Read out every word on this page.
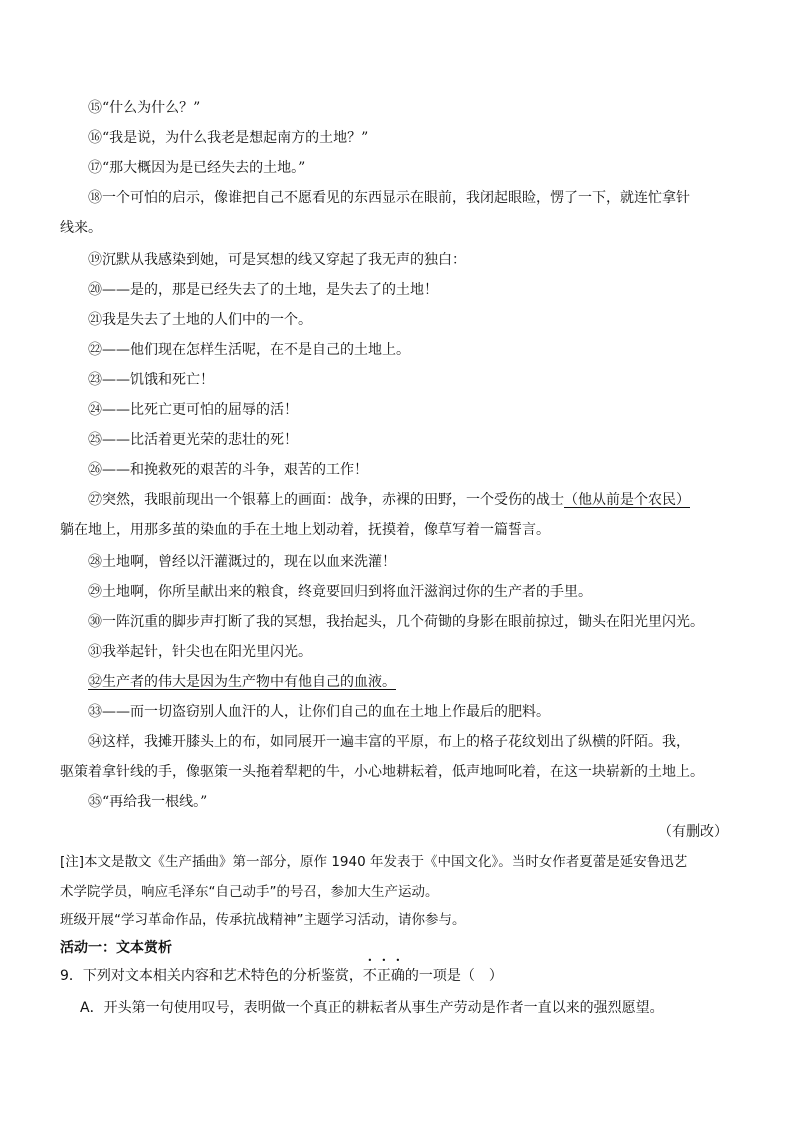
⑮“什么为什么？”
⑯“我是说，为什么我老是想起南方的土地？”
⑰“那大概因为是已经失去的土地。”
⑱一个可怕的启示，像谁把自己不愿看见的东西显示在眼前，我闭起眼睑，愣了一下，就连忙拿针
线来。
⑲沉默从我感染到她，可是冥想的线又穿起了我无声的独白：
⑳——是的，那是已经失去了的土地，是失去了的土地！
㉑我是失去了土地的人们中的一个。
㉒——他们现在怎样生活呢，在不是自己的土地上。
㉓——饥饿和死亡！
㉔——比死亡更可怕的屈辱的活！
㉕——比活着更光荣的悲壮的死！
㉖——和挽救死的艰苦的斗争，艰苦的工作！
㉗突然，我眼前现出一个银幕上的画面：战争，赤裸的田野，一个受伤的战士（他从前是个农民）
躺在地上，用那多茧的染血的手在土地上划动着，抚摸着，像草写着一篇誓言。
㉘土地啊，曾经以汗灌溉过的，现在以血来洗灌！
㉙土地啊，你所呈献出来的粮食，终竟要回归到将血汗滋润过你的生产者的手里。
㉚一阵沉重的脚步声打断了我的冥想，我抬起头，几个荷锄的身影在眼前掠过，锄头在阳光里闪光。
㉛我举起针，针尖也在阳光里闪光。
㉜生产者的伟大是因为生产物中有他自己的血液。
㉝——而一切盗窃别人血汗的人，让你们自己的血在土地上作最后的肥料。
㉞这样，我摊开膝头上的布，如同展开一遍丰富的平原，布上的格子花纹划出了纵横的阡陌。我，
驱策着拿针线的手，像驱策一头拖着犁耙的牛，小心地耕耘着，低声地呵叱着，在这一块崭新的土地上。
㉟“再给我一根线。”
（有删改）
[注]本文是散文《生产插曲》第一部分，原作 1940 年发表于《中国文化》。当时女作者夏蕾是延安鲁迅艺
术学院学员，响应毛泽东“自己动手”的号召，参加大生产运动。
班级开展“学习革命作品，传承抗战精神”主题学习活动，请你参与。
活动一：文本赏析
9．下列对文本相关内容和艺术特色的分析鉴赏，不正确的一项是（　）
A．开头第一句使用叹号，表明做一个真正的耕耘者从事生产劳动是作者一直以来的强烈愿望。
